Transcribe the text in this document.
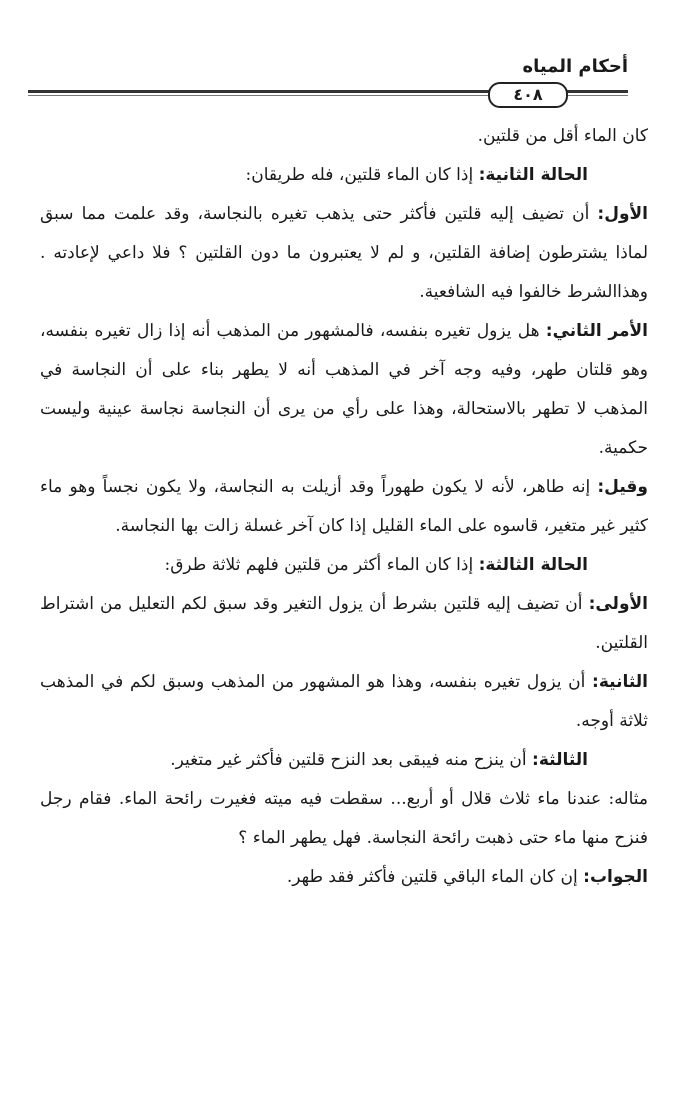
أحكام المياه
٤٠٨

كان الماء أقل من قلتين.

الحالة الثانية: إذا كان الماء قلتين، فله طريقان:

الأول: أن تضيف إليه قلتين فأكثر حتى يذهب تغيره بالنجاسة، وقد علمت مما سبق لماذا يشترطون إضافة القلتين، و لم لا يعتبرون ما دون القلتين ؟ فلا داعي لإعادته . وهذاالشرط خالفوا فيه الشافعية.

الأمر الثاني: هل يزول تغيره بنفسه، فالمشهور من المذهب أنه إذا زال تغيره بنفسه، وهو قلتان طهر، وفيه وجه آخر في المذهب أنه لا يطهر بناء على أن النجاسة في المذهب لا تطهر بالاستحالة، وهذا على رأي من يرى أن النجاسة نجاسة عينية وليست حكمية.

وقيل: إنه طاهر، لأنه لا يكون طهوراً وقد أزيلت به النجاسة، ولا يكون نجساً وهو ماء كثير غير متغير، قاسوه على الماء القليل إذا كان آخر غسلة زالت بها النجاسة.

الحالة الثالثة: إذا كان الماء أكثر من قلتين فلهم ثلاثة طرق:

الأولى: أن تضيف إليه قلتين بشرط أن يزول التغير وقد سبق لكم التعليل من اشتراط القلتين.

الثانية: أن يزول تغيره بنفسه، وهذا هو المشهور من المذهب وسبق لكم في المذهب ثلاثة أوجه.

الثالثة: أن ينزح منه فيبقى بعد النزح قلتين فأكثر غير متغير.

مثاله: عندنا ماء ثلاث قلال أو أربع... سقطت فيه ميته فغيرت رائحة الماء. فقام رجل فنزح منها ماء حتى ذهبت رائحة النجاسة. فهل يطهر الماء ؟

الجواب: إن كان الماء الباقي قلتين فأكثر فقد طهر.
